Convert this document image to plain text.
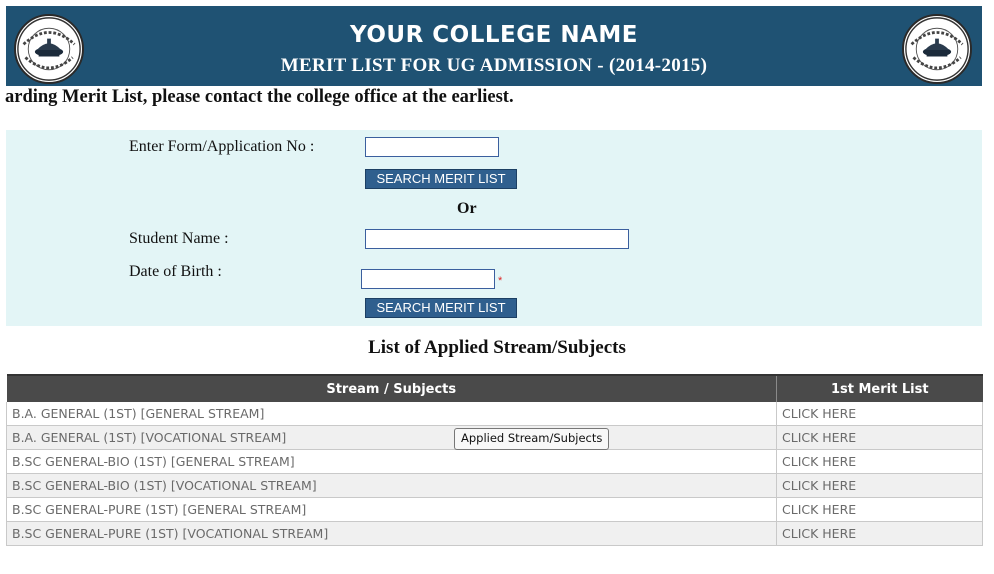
YOUR COLLEGE NAME
MERIT LIST FOR UG ADMISSION - (2014-2015)
arding Merit List, please contact the college office at the earliest.
Enter Form/Application No :
SEARCH MERIT LIST
Or
Student Name :
Date of Birth :
*
SEARCH MERIT LIST
List of Applied Stream/Subjects
Stream / Subjects	1st Merit List
B.A. GENERAL (1ST) [GENERAL STREAM]	CLICK HERE
B.A. GENERAL (1ST) [VOCATIONAL STREAM]	CLICK HERE
B.SC GENERAL-BIO (1ST) [GENERAL STREAM]	CLICK HERE
B.SC GENERAL-BIO (1ST) [VOCATIONAL STREAM]	CLICK HERE
B.SC GENERAL-PURE (1ST) [GENERAL STREAM]	CLICK HERE
B.SC GENERAL-PURE (1ST) [VOCATIONAL STREAM]	CLICK HERE
Applied Stream/Subjects
